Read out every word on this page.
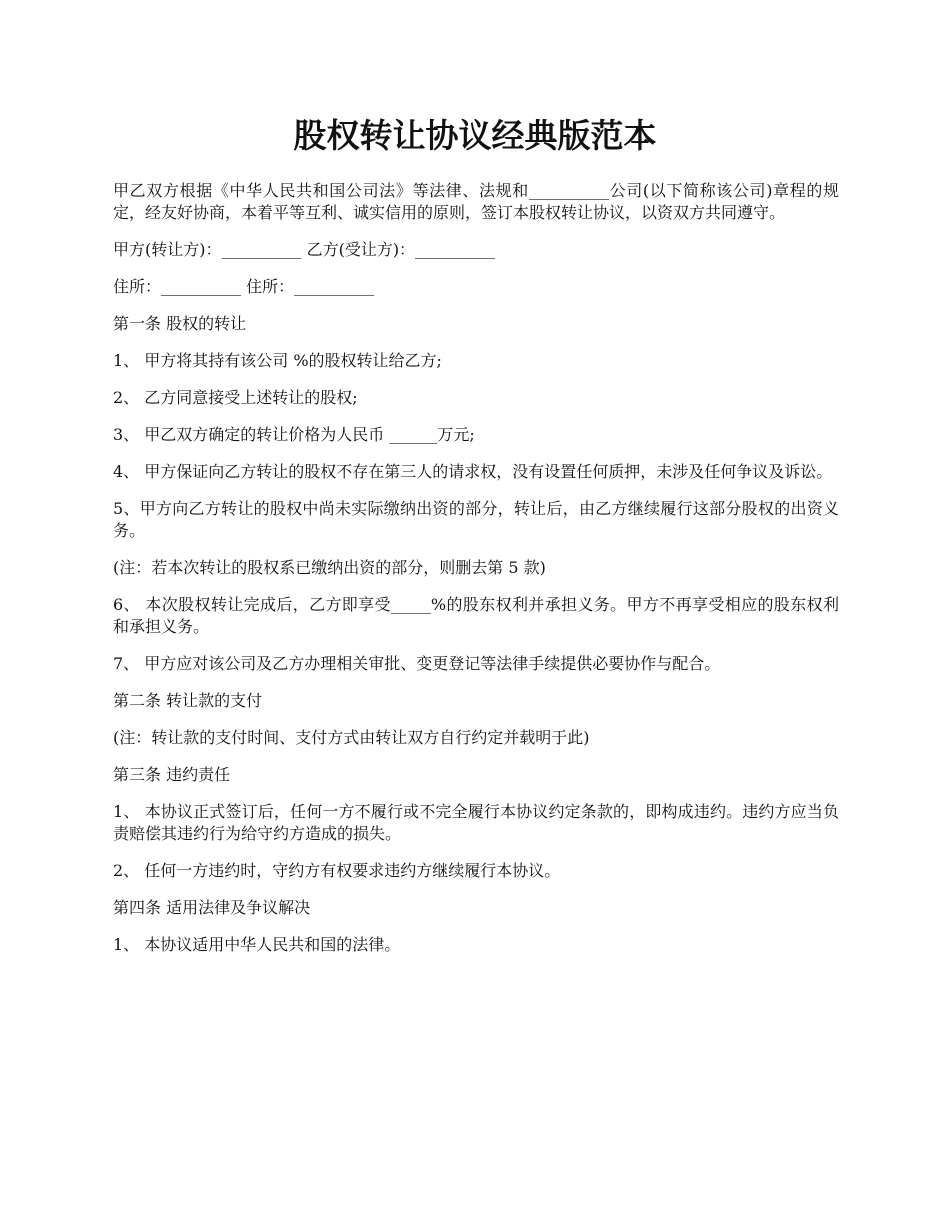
股权转让协议经典版范本

甲乙双方根据《中华人民共和国公司法》等法律、法规和__________公司(以下简称该公司)章程的规定，经友好协商，本着平等互利、诚实信用的原则，签订本股权转让协议，以资双方共同遵守。

甲方(转让方)：__________ 乙方(受让方)：__________

住所：__________ 住所：__________

第一条 股权的转让

1、 甲方将其持有该公司 %的股权转让给乙方;

2、 乙方同意接受上述转让的股权;

3、 甲乙双方确定的转让价格为人民币 ______万元;

4、 甲方保证向乙方转让的股权不存在第三人的请求权，没有设置任何质押，未涉及任何争议及诉讼。

5、甲方向乙方转让的股权中尚未实际缴纳出资的部分，转让后，由乙方继续履行这部分股权的出资义务。

(注：若本次转让的股权系已缴纳出资的部分，则删去第 5 款)

6、 本次股权转让完成后，乙方即享受_____%的股东权利并承担义务。甲方不再享受相应的股东权利和承担义务。

7、 甲方应对该公司及乙方办理相关审批、变更登记等法律手续提供必要协作与配合。

第二条 转让款的支付

(注：转让款的支付时间、支付方式由转让双方自行约定并载明于此)

第三条 违约责任

1、 本协议正式签订后，任何一方不履行或不完全履行本协议约定条款的，即构成违约。违约方应当负责赔偿其违约行为给守约方造成的损失。

2、 任何一方违约时，守约方有权要求违约方继续履行本协议。

第四条 适用法律及争议解决

1、 本协议适用中华人民共和国的法律。
